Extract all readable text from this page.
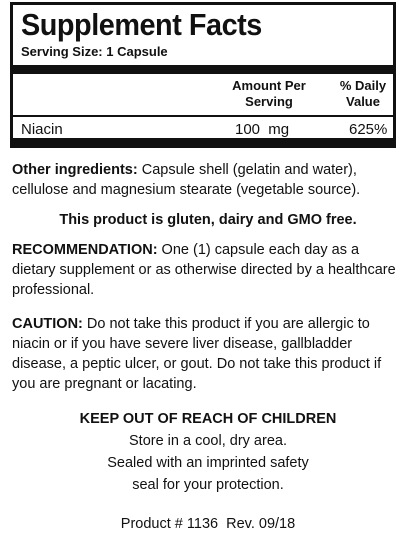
Supplement Facts
Serving Size: 1 Capsule
Amount Per
Serving
% Daily
Value
Niacin	100 mg	625%
Other ingredients: Capsule shell (gelatin and water), cellulose and magnesium stearate (vegetable source).
This product is gluten, dairy and GMO free.
RECOMMENDATION: One (1) capsule each day as a dietary supplement or as otherwise directed by a healthcare professional.
CAUTION: Do not take this product if you are allergic to niacin or if you have severe liver disease, gallbladder disease, a peptic ulcer, or gout. Do not take this product if you are pregnant or lacating.
KEEP OUT OF REACH OF CHILDREN
Store in a cool, dry area.
Sealed with an imprinted safety
seal for your protection.
Product # 1136  Rev. 09/18
